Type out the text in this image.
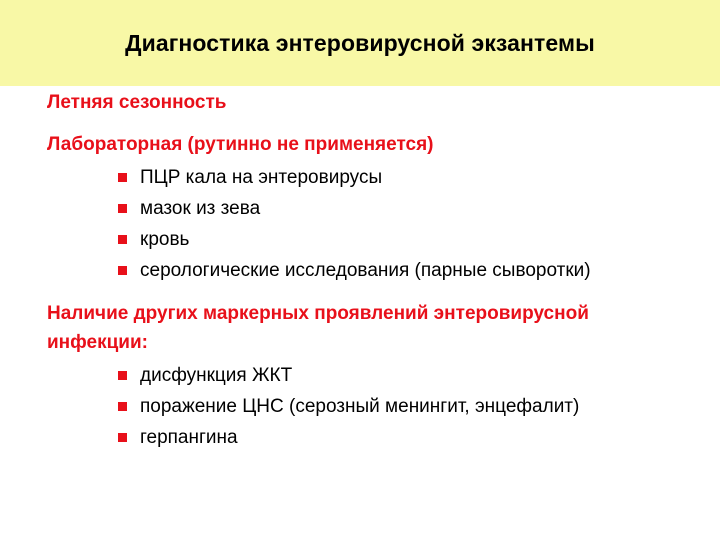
Диагностика энтеровирусной экзантемы

Летняя сезонность

Лабораторная (рутинно не применяется)

ПЦР кала на энтеровирусы
мазок из зева
кровь
серологические исследования (парные сыворотки)

Наличие других маркерных проявлений энтеровирусной инфекции:

дисфункция ЖКТ
поражение ЦНС (серозный менингит, энцефалит)
герпангина
